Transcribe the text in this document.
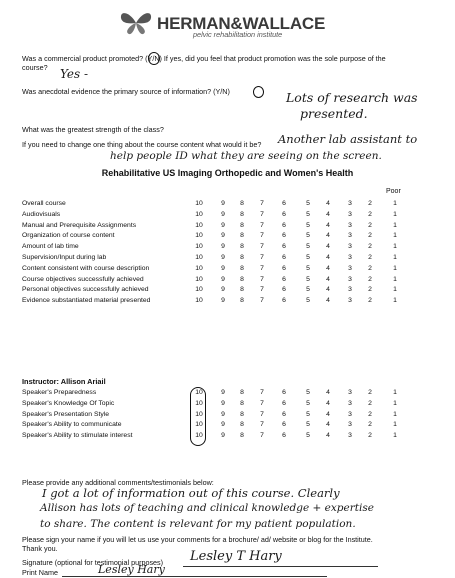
HERMAN&WALLACE
pelvic rehabilitation institute
Was a commercial product promoted? (Y/N) If yes, did you feel that product promotion was the sole purpose of the
course? Yes -
Was anecdotal evidence the primary source of information? (Y/N)	Lots of research was
presented.
What was the greatest strength of the class?
If you need to change one thing about the course content what would it be? Another lab assistant to
help people ID what they are seeing on the screen.
Rehabilitative US Imaging Orthopedic and Women's Health
Poor
Overall course	10	9	8	7	6	5	4	3	2	1
Audiovisuals	10	9	8	7	6	5	4	3	2	1
Manual and Prerequisite Assignments	10	9	8	7	6	5	4	3	2	1
Organization of course content	10	9	8	7	6	5	4	3	2	1
Amount of lab time	10	9	8	7	6	5	4	3	2	1
Supervision/Input during lab	10	9	8	7	6	5	4	3	2	1
Content consistent with course description	10	9	8	7	6	5	4	3	2	1
Course objectives successfully achieved	10	9	8	7	6	5	4	3	2	1
Personal objectives successfully achieved	10	9	8	7	6	5	4	3	2	1
Evidence substantiated material presented	10	9	8	7	6	5	4	3	2	1
Instructor: Allison Ariail
Speaker's Preparedness	10	9	8	7	6	5	4	3	2	1
Speaker's Knowledge Of Topic	10	9	8	7	6	5	4	3	2	1
Speaker's Presentation Style	10	9	8	7	6	5	4	3	2	1
Speaker's Ability to communicate	10	9	8	7	6	5	4	3	2	1
Speaker's Ability to stimulate interest	10	9	8	7	6	5	4	3	2	1
Please provide any additional comments/testimonials below:
I got a lot of information out of this course. Clearly
Allison has lots of teaching and clinical knowledge + expertise
to share. The content is relevant for my patient population.
Please sign your name if you will let us use your comments for a brochure/ ad/ website or blog for the Institute.
Thank you.
Signature (optional for testimonial purposes) Lesley T Hary
Print Name	Lesley Hary
